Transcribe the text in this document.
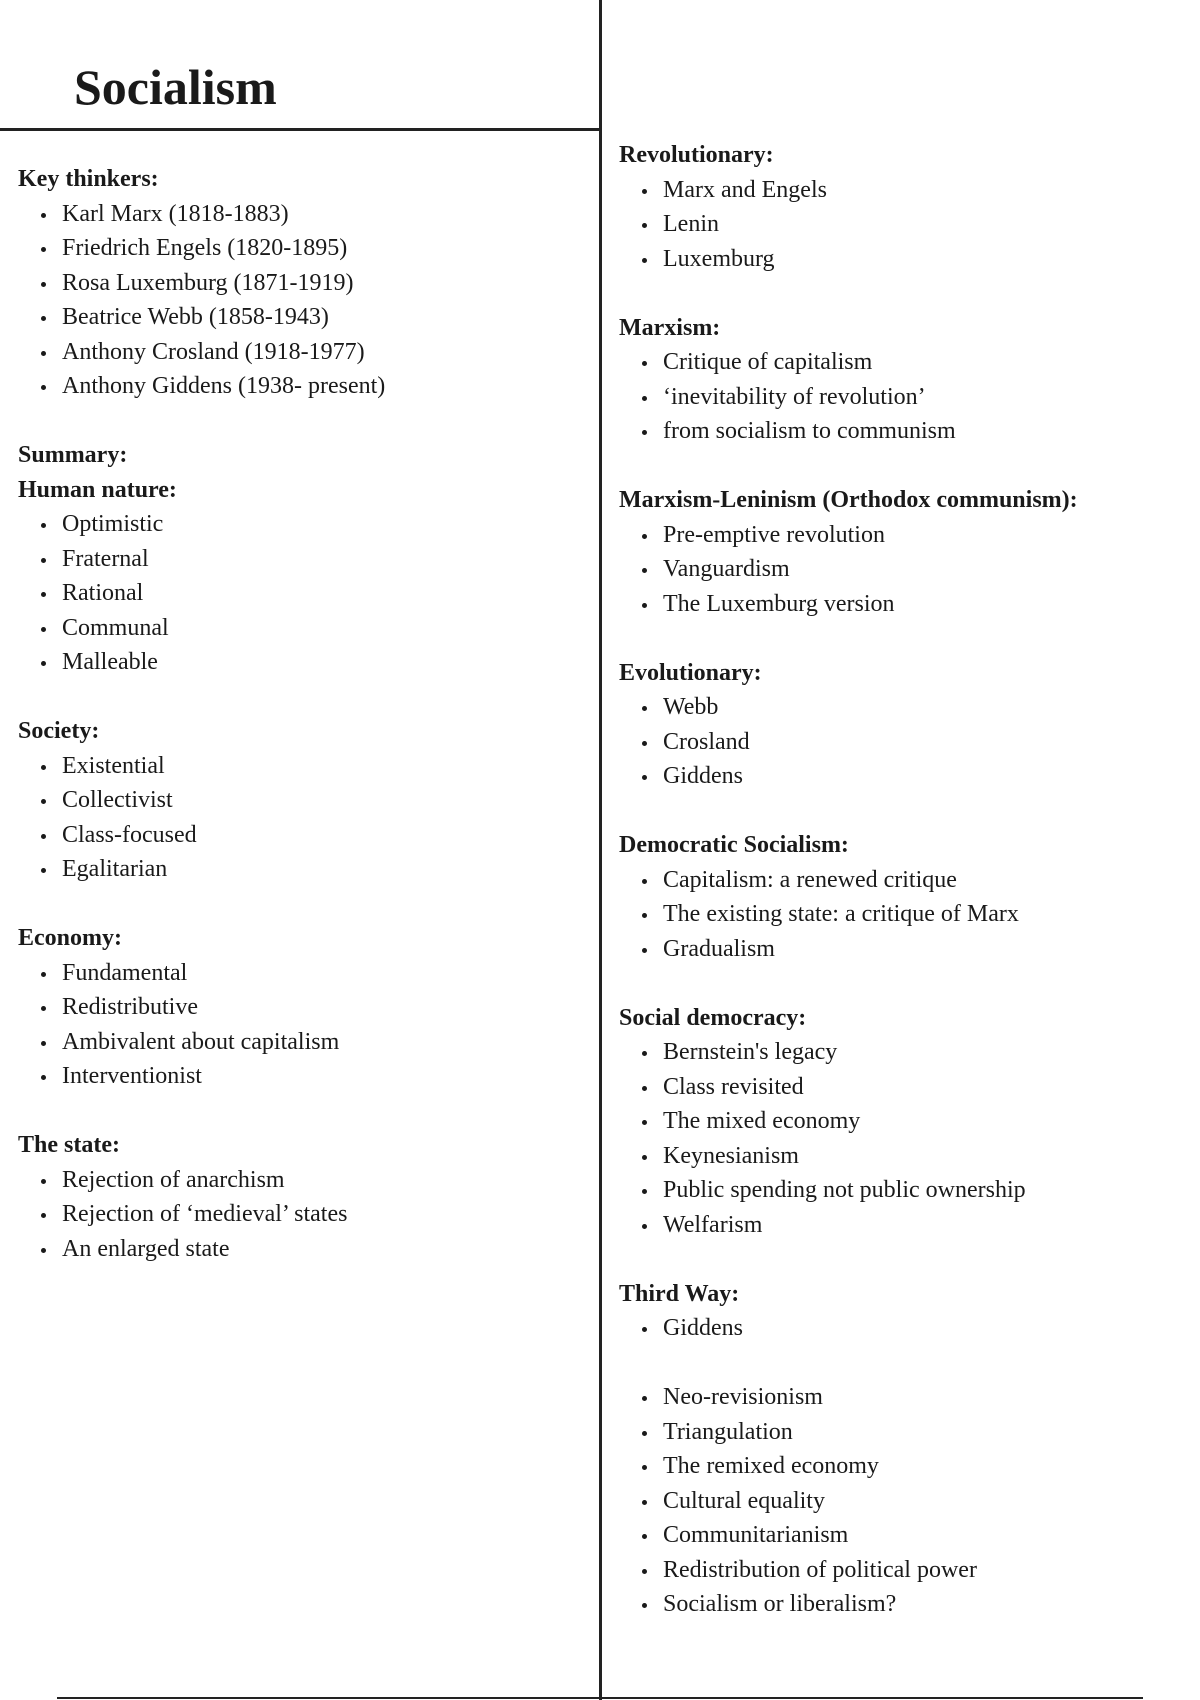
Socialism

Key thinkers:

Karl Marx (1818-1883)
Friedrich Engels (1820-1895)
Rosa Luxemburg (1871-1919)
Beatrice Webb (1858-1943)
Anthony Crosland (1918-1977)
Anthony Giddens (1938- present)

Summary:

Human nature:

Optimistic
Fraternal
Rational
Communal
Malleable

Society:

Existential
Collectivist
Class-focused
Egalitarian

Economy:

Fundamental
Redistributive
Ambivalent about capitalism
Interventionist

The state:

Rejection of anarchism
Rejection of ‘medieval’ states
An enlarged state

Revolutionary:

Marx and Engels
Lenin
Luxemburg

Marxism:

Critique of capitalism
‘inevitability of revolution’
from socialism to communism

Marxism-Leninism (Orthodox communism):

Pre-emptive revolution
Vanguardism
The Luxemburg version

Evolutionary:

Webb
Crosland
Giddens

Democratic Socialism:

Capitalism: a renewed critique
The existing state: a critique of Marx
Gradualism

Social democracy:

Bernstein's legacy
Class revisited
The mixed economy
Keynesianism
Public spending not public ownership
Welfarism

Third Way:

Giddens
Neo-revisionism
Triangulation
The remixed economy
Cultural equality
Communitarianism
Redistribution of political power
Socialism or liberalism?
